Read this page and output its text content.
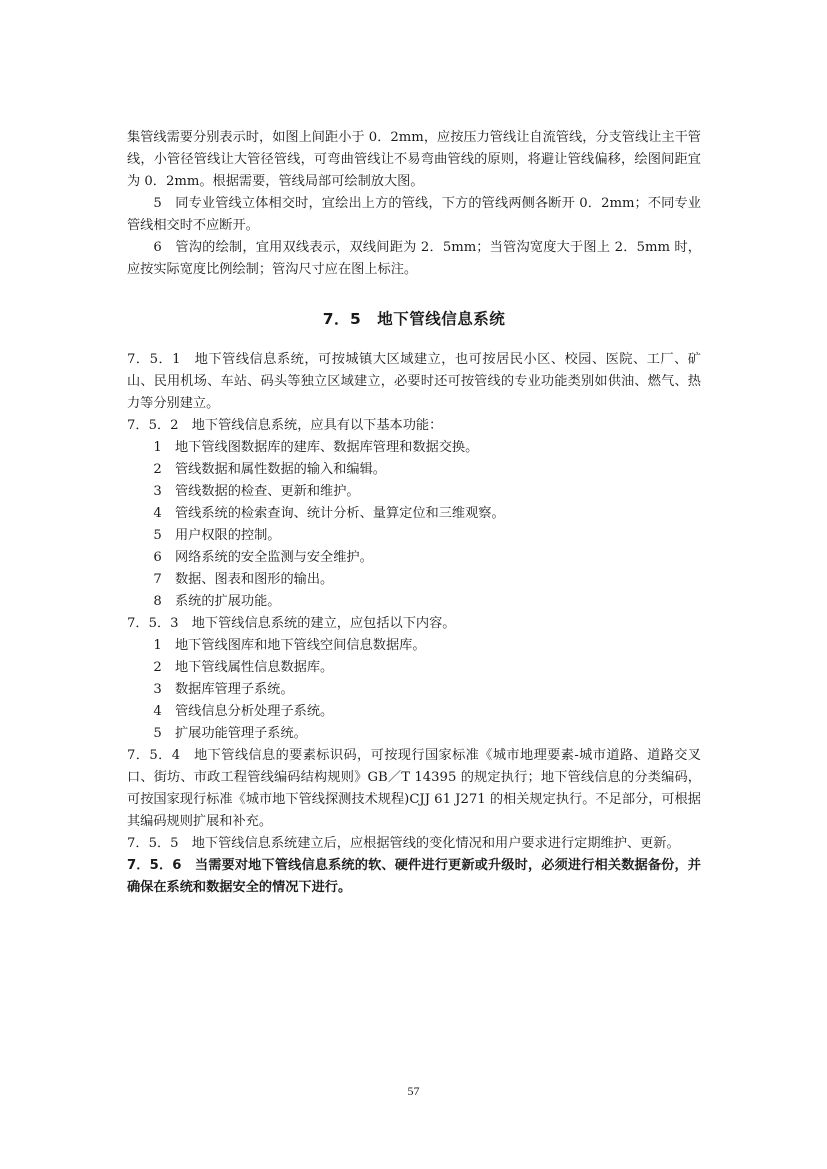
集管线需要分别表示时，如图上间距小于 0．2mm，应按压力管线让自流管线，分支管线让主干管线，小管径管线让大管径管线，可弯曲管线让不易弯曲管线的原则，将避让管线偏移，绘图间距宜为 0．2mm。根据需要，管线局部可绘制放大图。

5　同专业管线立体相交时，宜绘出上方的管线，下方的管线两侧各断开 0．2mm；不同专业管线相交时不应断开。

6　管沟的绘制，宜用双线表示，双线间距为 2．5mm；当管沟宽度大于图上 2．5mm 时，应按实际宽度比例绘制；管沟尺寸应在图上标注。

7．5　地下管线信息系统

7．5．1　地下管线信息系统，可按城镇大区域建立，也可按居民小区、校园、医院、工厂、矿山、民用机场、车站、码头等独立区域建立，必要时还可按管线的专业功能类别如供油、燃气、热力等分别建立。

7．5．2　地下管线信息系统，应具有以下基本功能：

1　地下管线图数据库的建库、数据库管理和数据交换。

2　管线数据和属性数据的输入和编辑。

3　管线数据的检查、更新和维护。

4　管线系统的检索查询、统计分析、量算定位和三维观察。

5　用户权限的控制。

6　网络系统的安全监测与安全维护。

7　数据、图表和图形的输出。

8　系统的扩展功能。

7．5．3　地下管线信息系统的建立，应包括以下内容。

1　地下管线图库和地下管线空间信息数据库。

2　地下管线属性信息数据库。

3　数据库管理子系统。

4　管线信息分析处理子系统。

5　扩展功能管理子系统。

7．5．4　地下管线信息的要素标识码，可按现行国家标准《城市地理要素-城市道路、道路交叉口、街坊、市政工程管线编码结构规则》GB／T 14395 的规定执行；地下管线信息的分类编码，可按国家现行标准《城市地下管线探测技术规程)CJJ 61 J271 的相关规定执行。不足部分，可根据其编码规则扩展和补充。

7．5．5　地下管线信息系统建立后，应根据管线的变化情况和用户要求进行定期维护、更新。

7．5．6　当需要对地下管线信息系统的软、硬件进行更新或升级时，必须进行相关数据备份，并确保在系统和数据安全的情况下进行。

57
